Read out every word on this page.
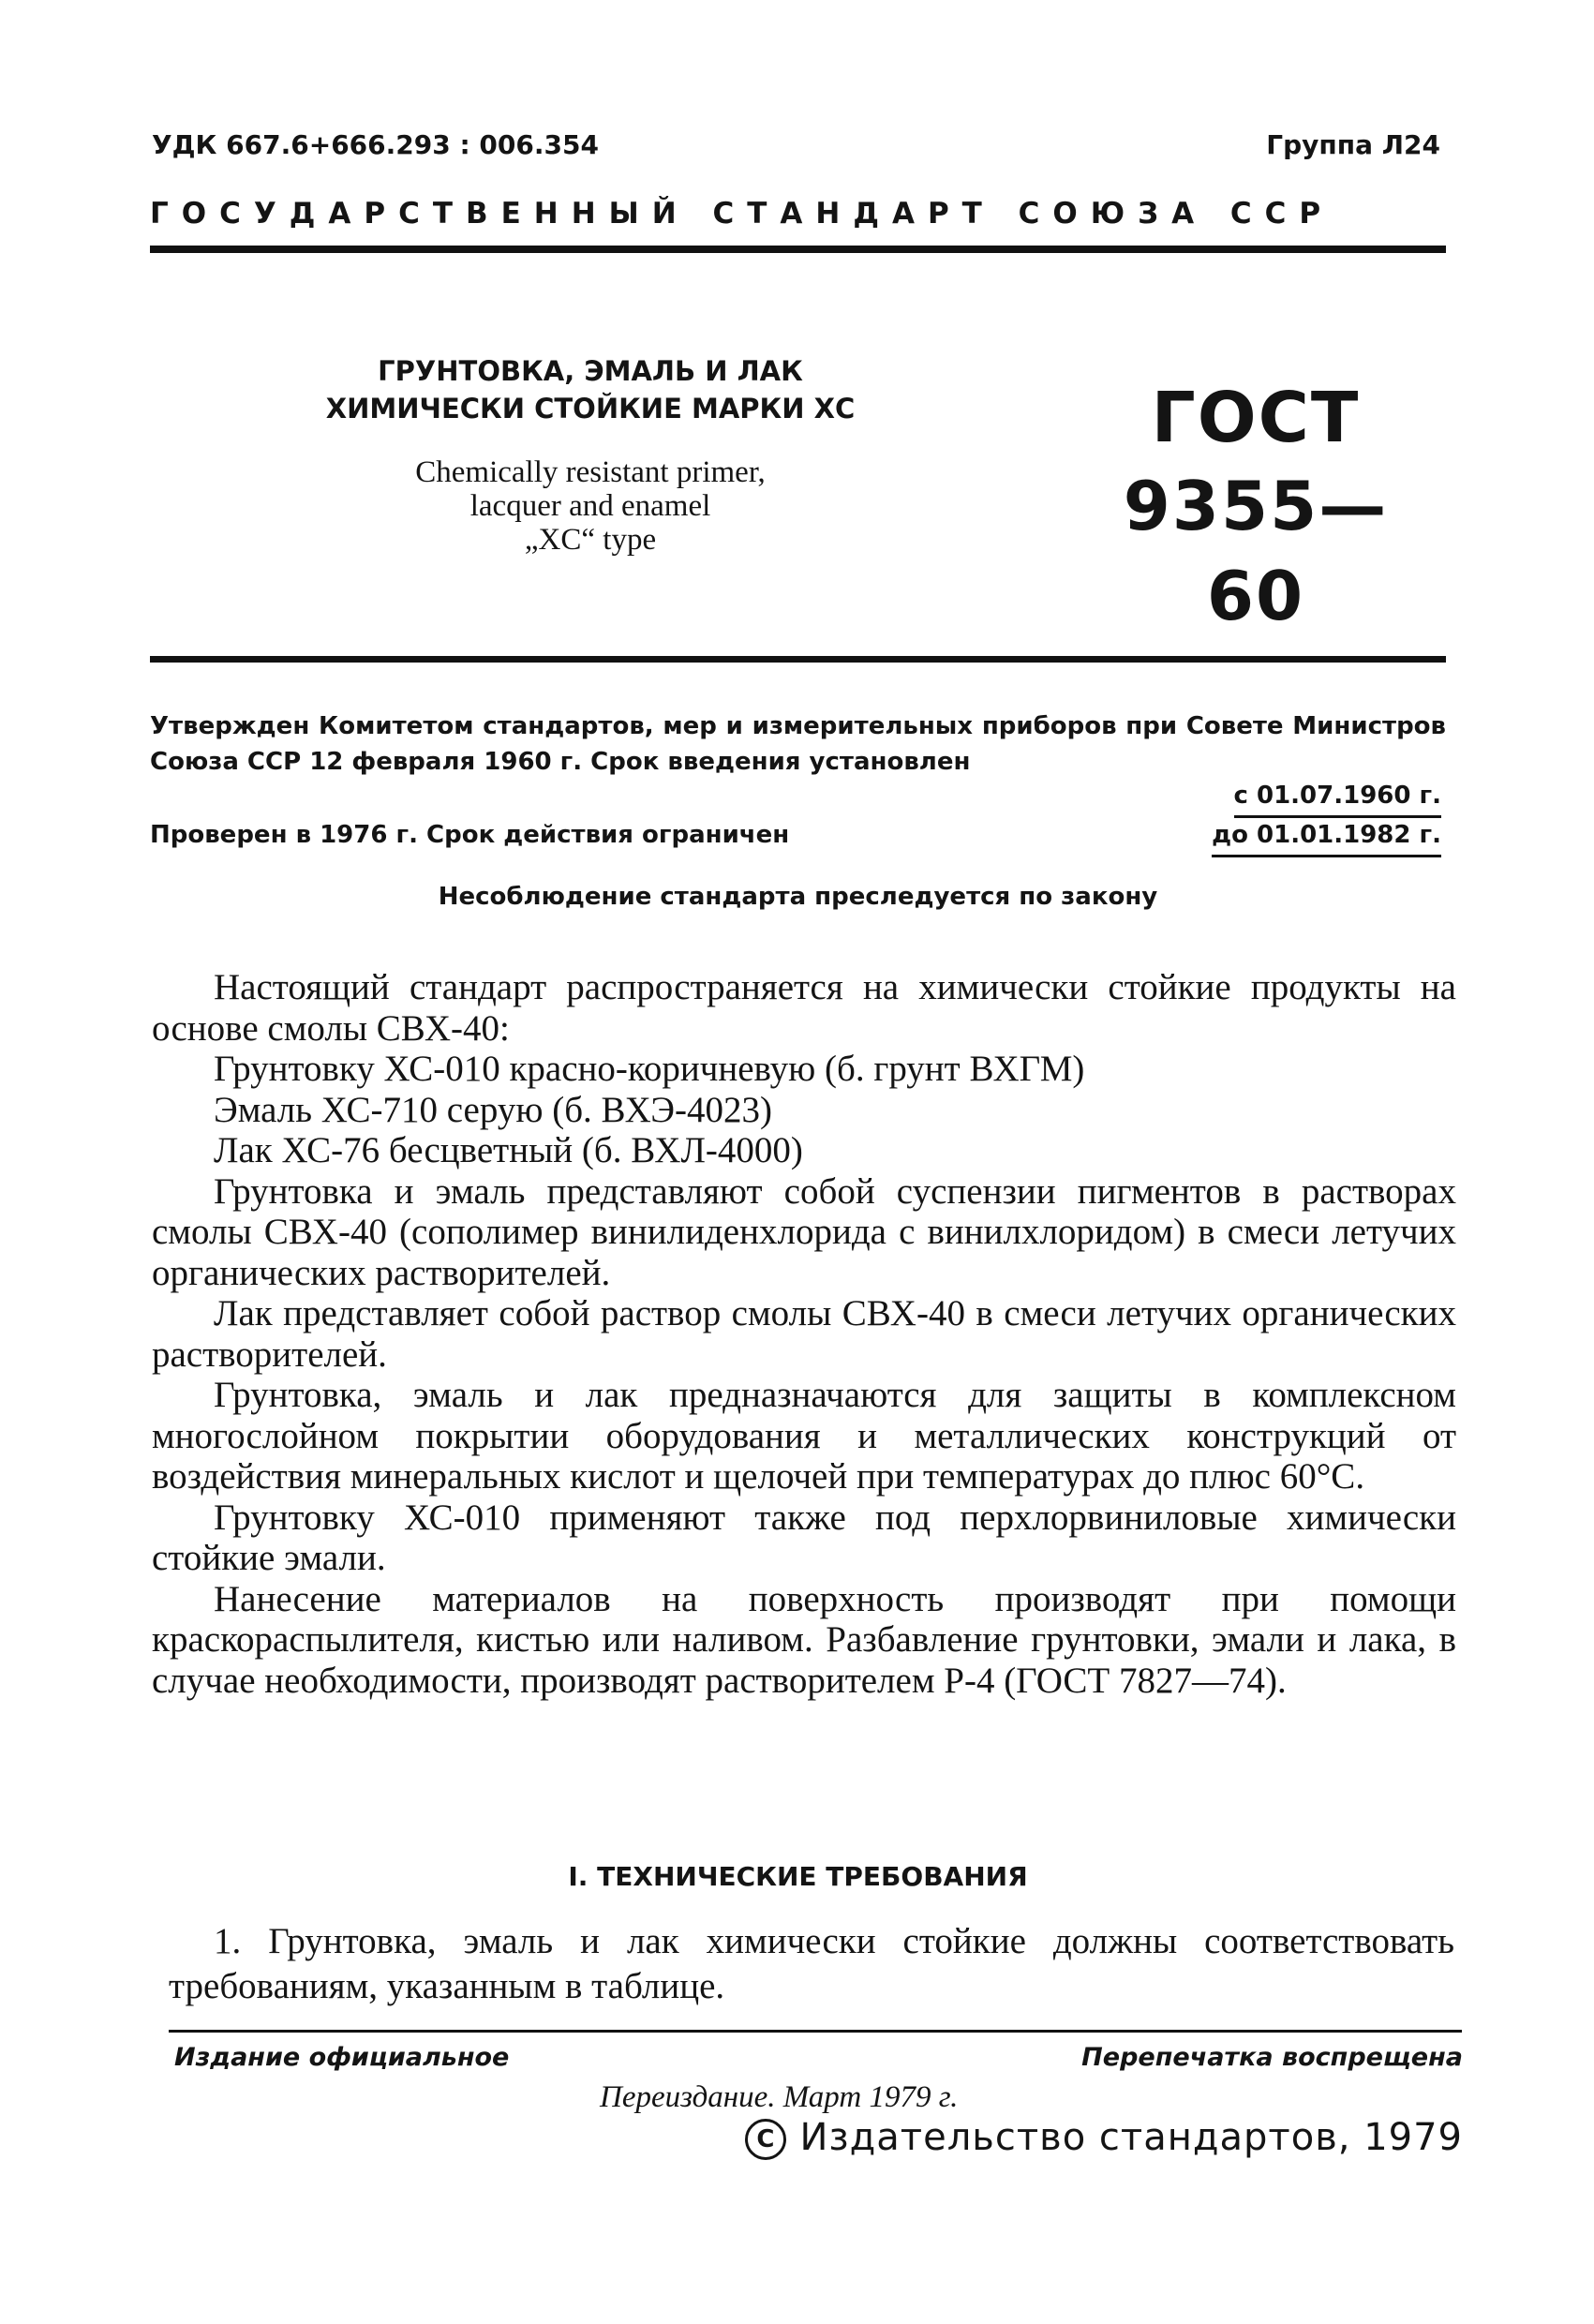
УДК 667.6+666.293 : 006.354	Группа Л24
ГОСУДАРСТВЕННЫЙ СТАНДАРТ СОЮЗА ССР
ГРУНТОВКА, ЭМАЛЬ И ЛАК
ХИМИЧЕСКИ СТОЙКИЕ МАРКИ ХС
Chemically resistant primer,
lacquer and enamel
„XC“ type
ГОСТ
9355—60
Утвержден Комитетом стандартов, мер и измерительных приборов при Совете Министров Союза ССР 12 февраля 1960 г. Срок введения установлен
с 01.07.1960 г.
Проверен в 1976 г. Срок действия ограничен	до 01.01.1982 г.
Несоблюдение стандарта преследуется по закону

Настоящий стандарт распространяется на химически стойкие продукты на основе смолы СВХ-40:

Грунтовку ХС-010 красно-коричневую (б. грунт ВХГМ)

Эмаль ХС-710 серую (б. ВХЭ-4023)

Лак ХС-76 бесцветный (б. ВХЛ-4000)

Грунтовка и эмаль представляют собой суспензии пигментов в растворах смолы СВХ-40 (сополимер винилиденхлорида с винилхлоридом) в смеси летучих органических растворителей.

Лак представляет собой раствор смолы СВХ-40 в смеси летучих органических растворителей.

Грунтовка, эмаль и лак предназначаются для защиты в комплексном многослойном покрытии оборудования и металлических конструкций от воздействия минеральных кислот и щелочей при температурах до плюс 60°С.

Грунтовку ХС-010 применяют также под перхлорвиниловые химически стойкие эмали.

Нанесение материалов на поверхность производят при помощи краскораспылителя, кистью или наливом. Разбавление грунтовки, эмали и лака, в случае необходимости, производят растворителем Р-4 (ГОСТ 7827—74).

I. ТЕХНИЧЕСКИЕ ТРЕБОВАНИЯ

1. Грунтовка, эмаль и лак химически стойкие должны соответствовать требованиям, указанным в таблице.

Издание официальное	Перепечатка воспрещена
Переиздание. Март 1979 г.
C Издательство стандартов, 1979
